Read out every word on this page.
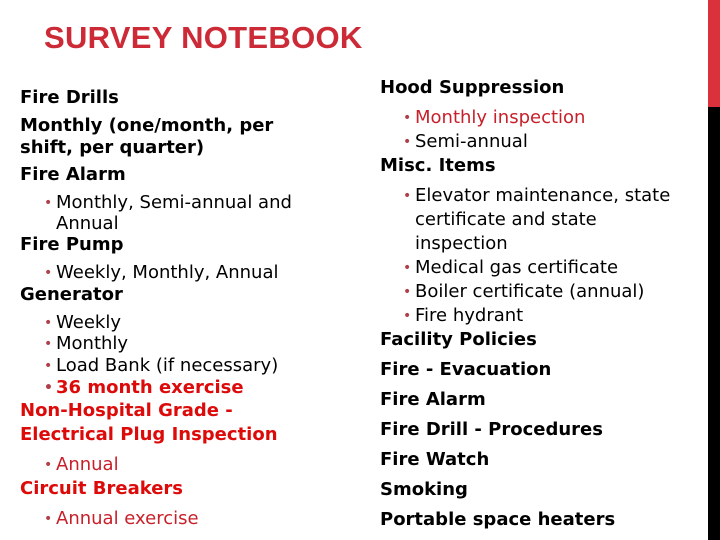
SURVEY NOTEBOOK
Fire Drills
Monthly (one/month, per
shift, per quarter)
Fire Alarm
• Monthly, Semi-annual and
Annual
Fire Pump
• Weekly, Monthly, Annual
Generator
• Weekly
• Monthly
• Load Bank (if necessary)
• 36 month exercise
Non-Hospital Grade -
Electrical Plug Inspection
• Annual
Circuit Breakers
• Annual exercise
Hood Suppression
• Monthly inspection
• Semi-annual
Misc. Items
• Elevator maintenance, state
certificate and state
inspection
• Medical gas certificate
• Boiler certificate (annual)
• Fire hydrant
Facility Policies
Fire - Evacuation
Fire Alarm
Fire Drill - Procedures
Fire Watch
Smoking
Portable space heaters
